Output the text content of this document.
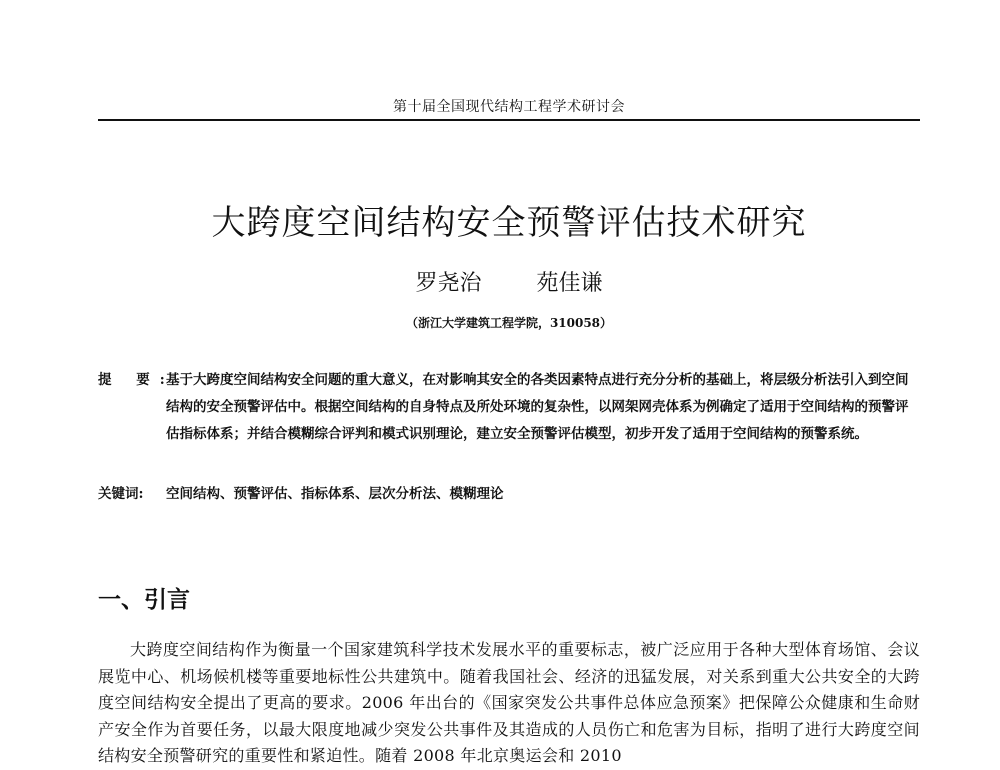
第十届全国现代结构工程学术研讨会
大跨度空间结构安全预警评估技术研究
罗尧治	苑佳谦
（浙江大学建筑工程学院，310058）
提 要:
基于大跨度空间结构安全问题的重大意义，在对影响其安全的各类因素特点进行充分分析的基础上，将层级分析法引入到空间结构的安全预警评估中。根据空间结构的自身特点及所处环境的复杂性，以网架网壳体系为例确定了适用于空间结构的预警评估指标体系；并结合模糊综合评判和模式识别理论，建立安全预警评估模型，初步开发了适用于空间结构的预警系统。
关键词: 空间结构、预警评估、指标体系、层次分析法、模糊理论
一、引言

大跨度空间结构作为衡量一个国家建筑科学技术发展水平的重要标志，被广泛应用于各种大型体育场馆、会议展览中心、机场候机楼等重要地标性公共建筑中。随着我国社会、经济的迅猛发展，对关系到重大公共安全的大跨度空间结构安全提出了更高的要求。2006 年出台的《国家突发公共事件总体应急预案》把保障公众健康和生命财产安全作为首要任务，以最大限度地减少突发公共事件及其造成的人员伤亡和危害为目标，指明了进行大跨度空间结构安全预警研究的重要性和紧迫性。随着 2008 年北京奥运会和 2010
